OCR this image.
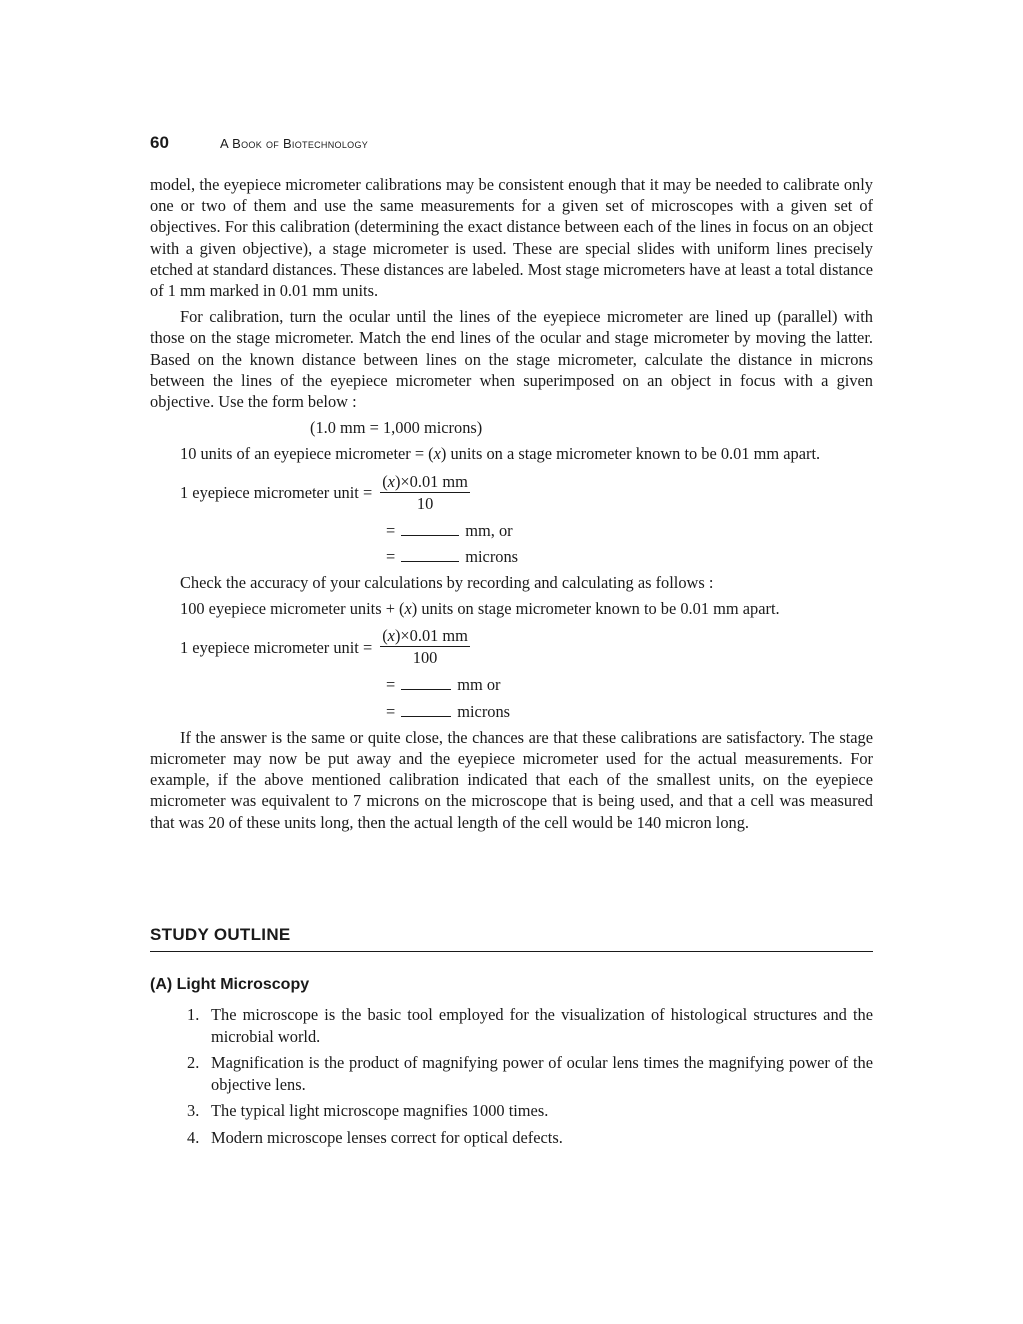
60	A Book of Biotechnology

model, the eyepiece micrometer calibrations may be consistent enough that it may be needed to calibrate only one or two of them and use the same measurements for a given set of microscopes with a given set of objectives. For this calibration (determining the exact distance between each of the lines in focus on an object with a given objective), a stage micrometer is used. These are special slides with uniform lines precisely etched at standard distances. These distances are labeled. Most stage micrometers have at least a total distance of 1 mm marked in 0.01 mm units.

For calibration, turn the ocular until the lines of the eyepiece micrometer are lined up (parallel) with those on the stage micrometer. Match the end lines of the ocular and stage micrometer by moving the latter. Based on the known distance between lines on the stage micrometer, calculate the distance in microns between the lines of the eyepiece micrometer when superimposed on an object in focus with a given objective. Use the form below :

(1.0 mm = 1,000 microns)

10 units of an eyepiece micrometer = (x) units on a stage micrometer known to be 0.01 mm apart.

1 eyepiece micrometer unit = $\frac{(x)\times 0.01 mm}{10}$
=	mm, or
=	microns

Check the accuracy of your calculations by recording and calculating as follows :

100 eyepiece micrometer units + (x) units on stage micrometer known to be 0.01 mm apart.

1 eyepiece micrometer unit = $\frac{(x)\times 0.01 mm}{100}$
=	mm or
=	microns

If the answer is the same or quite close, the chances are that these calibrations are satisfactory. The stage micrometer may now be put away and the eyepiece micrometer used for the actual measurements. For example, if the above mentioned calibration indicated that each of the smallest units, on the eyepiece micrometer was equivalent to 7 microns on the microscope that is being used, and that a cell was measured that was 20 of these units long, then the actual length of the cell would be 140 micron long.

STUDY OUTLINE
(A) Light Microscopy
1. The microscope is the basic tool employed for the visualization of histological structures and the microbial world.
2. Magnification is the product of magnifying power of ocular lens times the magnifying power of the objective lens.
3. The typical light microscope magnifies 1000 times.
4. Modern microscope lenses correct for optical defects.
